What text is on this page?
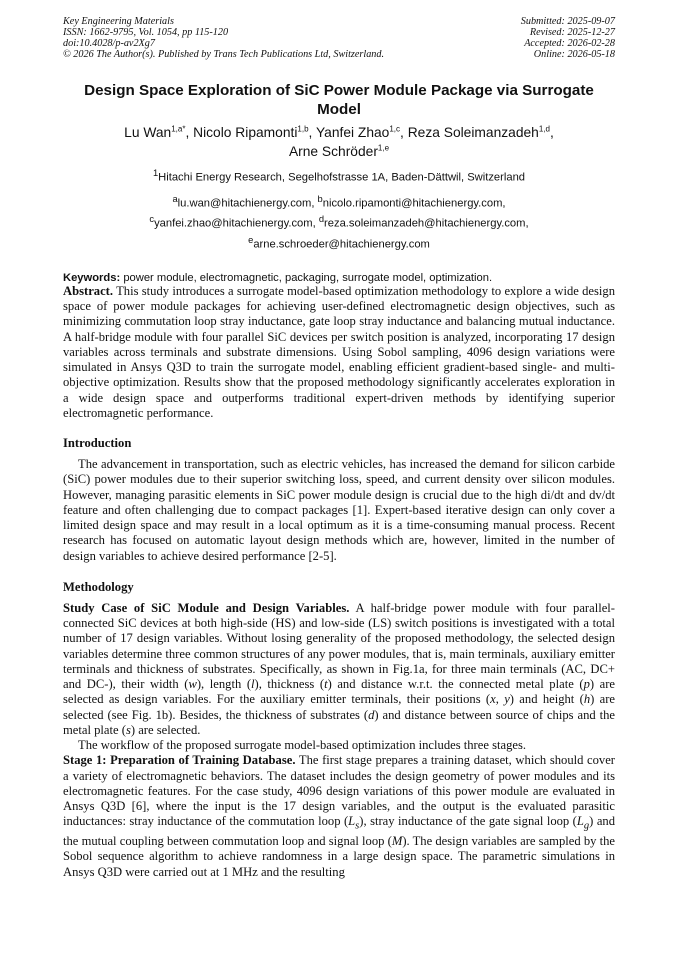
Key Engineering Materials
ISSN: 1662-9795, Vol. 1054, pp 115-120
doi:10.4028/p-av2Xg7
© 2026 The Author(s). Published by Trans Tech Publications Ltd, Switzerland.
Submitted: 2025-09-07
Revised: 2025-12-27
Accepted: 2026-02-28
Online: 2026-05-18
Design Space Exploration of SiC Power Module Package via Surrogate Model
Lu Wan$^{1,a*}$, Nicolo Ripamonti$^{1,b}$, Yanfei Zhao$^{1,c}$, Reza Soleimanzadeh$^{1,d}$,
Arne Schröder$^{1,e}$
$^1$Hitachi Energy Research, Segelhofstrasse 1A, Baden-Dättwil, Switzerland
$^a$lu.wan@hitachienergy.com, $^b$nicolo.ripamonti@hitachienergy.com,
$^c$yanfei.zhao@hitachienergy.com, $^d$reza.soleimanzadeh@hitachienergy.com,
$^e$arne.schroeder@hitachienergy.com
Keywords: power module, electromagnetic, packaging, surrogate model, optimization.

Abstract. This study introduces a surrogate model-based optimization methodology to explore a wide design space of power module packages for achieving user-defined electromagnetic design objectives, such as minimizing commutation loop stray inductance, gate loop stray inductance and balancing mutual inductance. A half-bridge module with four parallel SiC devices per switch position is analyzed, incorporating 17 design variables across terminals and substrate dimensions. Using Sobol sampling, 4096 design variations were simulated in Ansys Q3D to train the surrogate model, enabling efficient gradient-based single- and multi-objective optimization. Results show that the proposed methodology significantly accelerates exploration in a wide design space and outperforms traditional expert-driven methods by identifying superior electromagnetic performance.

Introduction

The advancement in transportation, such as electric vehicles, has increased the demand for silicon carbide (SiC) power modules due to their superior switching loss, speed, and current density over silicon modules. However, managing parasitic elements in SiC power module design is crucial due to the high di/dt and dv/dt feature and often challenging due to compact packages [1]. Expert-based iterative design can only cover a limited design space and may result in a local optimum as it is a time-consuming manual process. Recent research has focused on automatic layout design methods which are, however, limited in the number of design variables to achieve desired performance [2-5].

Methodology

Study Case of SiC Module and Design Variables. A half-bridge power module with four parallel-connected SiC devices at both high-side (HS) and low-side (LS) switch positions is investigated with a total number of 17 design variables. Without losing generality of the proposed methodology, the selected design variables determine three common structures of any power modules, that is, main terminals, auxiliary emitter terminals and thickness of substrates. Specifically, as shown in Fig.1a, for three main terminals (AC, DC+ and DC-), their width (w), length (l), thickness (t) and distance w.r.t. the connected metal plate (p) are selected as design variables. For the auxiliary emitter terminals, their positions (x, y) and height (h) are selected (see Fig. 1b). Besides, the thickness of substrates (d) and distance between source of chips and the metal plate (s) are selected.

The workflow of the proposed surrogate model-based optimization includes three stages.

Stage 1: Preparation of Training Database. The first stage prepares a training dataset, which should cover a variety of electromagnetic behaviors. The dataset includes the design geometry of power modules and its electromagnetic features. For the case study, 4096 design variations of this power module are evaluated in Ansys Q3D [6], where the input is the 17 design variables, and the output is the evaluated parasitic inductances: stray inductance of the commutation loop $(L_s)$, stray inductance of the gate signal loop $(L_g)$ and the mutual coupling between commutation loop and signal loop (M). The design variables are sampled by the Sobol sequence algorithm to achieve randomness in a large design space. The parametric simulations in Ansys Q3D were carried out at 1 MHz and the resulting
